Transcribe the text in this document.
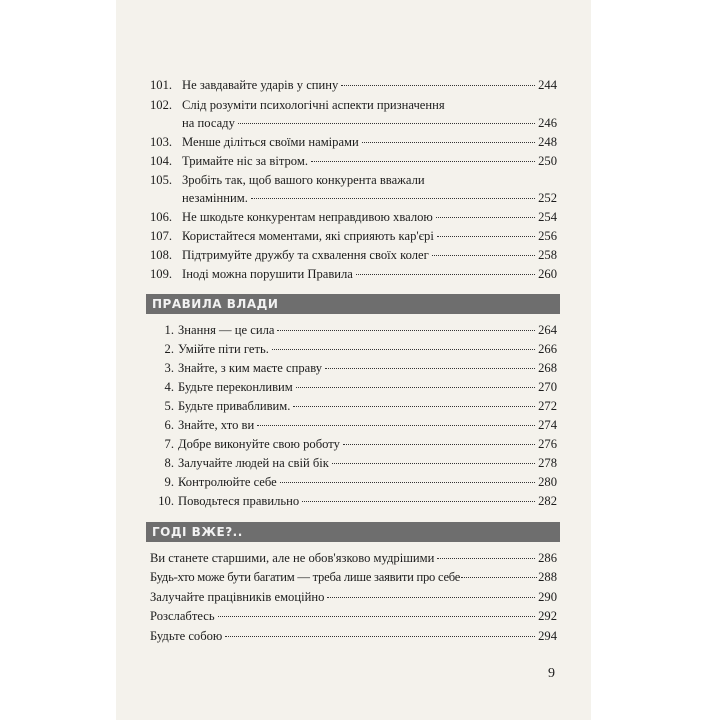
101. Не завдавайте ударів у спину	244
102. Слід розуміти психологічні аспекти призначення
на посаду	246
103. Менше діліться своїми намірами	248
104. Тримайте ніс за вітром.	250
105. Зробіть так, щоб вашого конкурента вважали
незамінним.	252
106. Не шкодьте конкурентам неправдивою хвалою	254
107. Користайтеся моментами, які сприяють кар'єрі	256
108. Підтримуйте дружбу та схвалення своїх колег	258
109. Іноді можна порушити Правила	260
ПРАВИЛА ВЛАДИ
1. Знання — це сила	264
2. Умійте піти геть.	266
3. Знайте, з ким маєте справу	268
4. Будьте переконливим	270
5. Будьте привабливим.	272
6. Знайте, хто ви	274
7. Добре виконуйте свою роботу	276
8. Залучайте людей на свій бік	278
9. Контролюйте себе	280
10. Поводьтеся правильно	282
ГОДІ ВЖЕ?..
Ви станете старшими, але не обов'язково мудрішими	286
Будь-хто може бути багатим — треба лише заявити про себе	288
Залучайте працівників емоційно	290
Розслабтесь	292
Будьте собою	294
9
